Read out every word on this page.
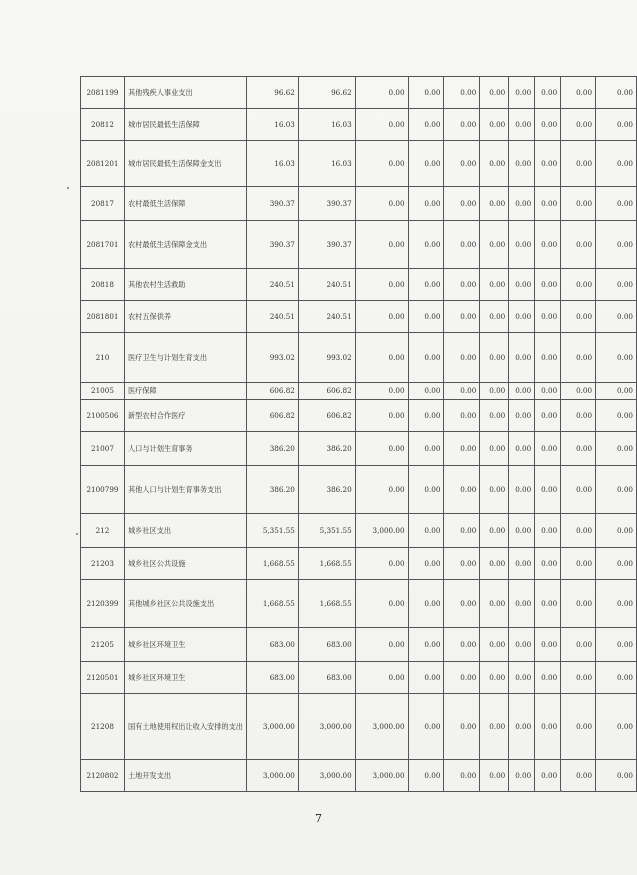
2081199	其他残疾人事业支出	96.62	96.62	0.00	0.00	0.00	0.00	0.00	0.00	0.00	0.00
20812	城市居民最低生活保障	16.03	16.03	0.00	0.00	0.00	0.00	0.00	0.00	0.00	0.00
2081201	城市居民最低生活保障金支出	16.03	16.03	0.00	0.00	0.00	0.00	0.00	0.00	0.00	0.00
20817	农村最低生活保障	390.37	390.37	0.00	0.00	0.00	0.00	0.00	0.00	0.00	0.00
2081701	农村最低生活保障金支出	390.37	390.37	0.00	0.00	0.00	0.00	0.00	0.00	0.00	0.00
20818	其他农村生活救助	240.51	240.51	0.00	0.00	0.00	0.00	0.00	0.00	0.00	0.00
2081801	农村五保供养	240.51	240.51	0.00	0.00	0.00	0.00	0.00	0.00	0.00	0.00
210	医疗卫生与计划生育支出	993.02	993.02	0.00	0.00	0.00	0.00	0.00	0.00	0.00	0.00
21005	医疗保障	606.82	606.82	0.00	0.00	0.00	0.00	0.00	0.00	0.00	0.00
2100506	新型农村合作医疗	606.82	606.82	0.00	0.00	0.00	0.00	0.00	0.00	0.00	0.00
21007	人口与计划生育事务	386.20	386.20	0.00	0.00	0.00	0.00	0.00	0.00	0.00	0.00
2100799	其他人口与计划生育事务支出	386.20	386.20	0.00	0.00	0.00	0.00	0.00	0.00	0.00	0.00
212	城乡社区支出	5,351.55	5,351.55	3,000.00	0.00	0.00	0.00	0.00	0.00	0.00	0.00
21203	城乡社区公共设施	1,668.55	1,668.55	0.00	0.00	0.00	0.00	0.00	0.00	0.00	0.00
2120399	其他城乡社区公共设施支出	1,668.55	1,668.55	0.00	0.00	0.00	0.00	0.00	0.00	0.00	0.00
21205	城乡社区环境卫生	683.00	683.00	0.00	0.00	0.00	0.00	0.00	0.00	0.00	0.00
2120501	城乡社区环境卫生	683.00	683.00	0.00	0.00	0.00	0.00	0.00	0.00	0.00	0.00
21208	国有土地使用权出让收入安排的支出	3,000.00	3,000.00	3,000.00	0.00	0.00	0.00	0.00	0.00	0.00	0.00
2120802	土地开发支出	3,000.00	3,000.00	3,000.00	0.00	0.00	0.00	0.00	0.00	0.00	0.00
7
